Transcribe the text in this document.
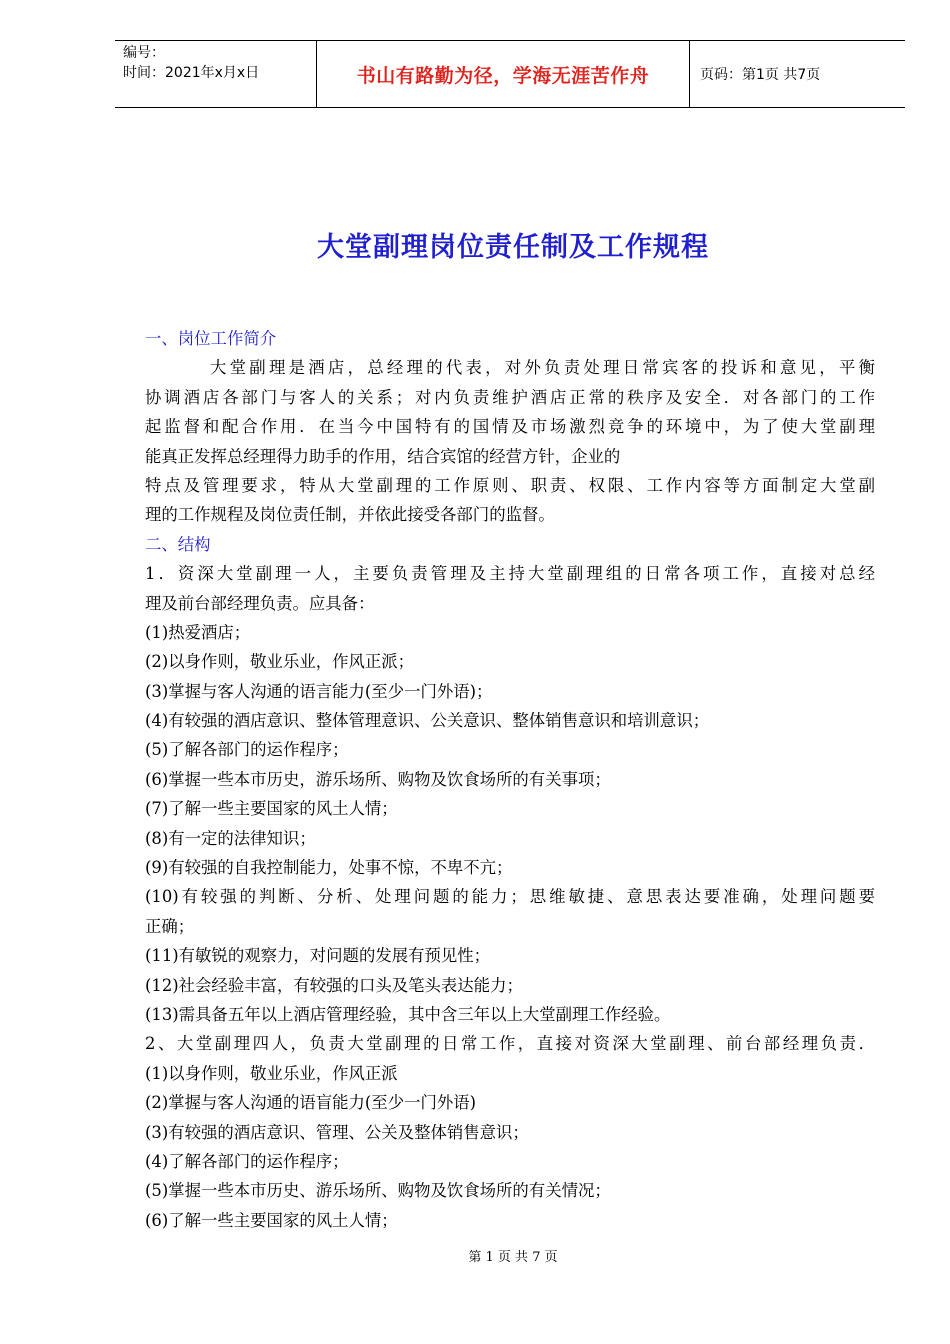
编号：
时间：2021年x月x日	书山有路勤为径，学海无涯苦作舟	页码：第1页 共7页
大堂副理岗位责任制及工作规程
一、岗位工作简介
大堂副理是酒店，总经理的代表，对外负责处理日常宾客的投诉和意见，平衡
协调酒店各部门与客人的关系；对内负责维护酒店正常的秩序及安全．对各部门的工作
起监督和配合作用．在当今中国特有的国情及市场激烈竞争的环境中，为了使大堂副理
能真正发挥总经理得力助手的作用，结合宾馆的经营方针，企业的
特点及管理要求，特从大堂副理的工作原则、职责、权限、工作内容等方面制定大堂副
理的工作规程及岗位责任制，并依此接受各部门的监督。
二、结构
1．资深大堂副理一人，主要负责管理及主持大堂副理组的日常各项工作，直接对总经
理及前台部经理负责。应具备：
(1)热爱酒店；
(2)以身作则，敬业乐业，作风正派；
(3)掌握与客人沟通的语言能力(至少一门外语)；
(4)有较强的酒店意识、整体管理意识、公关意识、整体销售意识和培训意识；
(5)了解各部门的运作程序；
(6)掌握一些本市历史，游乐场所、购物及饮食场所的有关事项；
(7)了解一些主要国家的风土人情；
(8)有一定的法律知识；
(9)有较强的自我控制能力，处事不惊，不卑不亢；
(10)有较强的判断、分析、处理问题的能力；思维敏捷、意思表达要准确，处理问题要
正确；
(11)有敏锐的观察力，对问题的发展有预见性；
(12)社会经验丰富，有较强的口头及笔头表达能力；
(13)需具备五年以上酒店管理经验，其中含三年以上大堂副理工作经验。
2、大堂副理四人，负责大堂副理的日常工作，直接对资深大堂副理、前台部经理负责．
(1)以身作则，敬业乐业，作风正派
(2)掌握与客人沟通的语盲能力(至少一门外语)
(3)有较强的酒店意识、管理、公关及整体销售意识；
(4)了解各部门的运作程序；
(5)掌握一些本市历史、游乐场所、购物及饮食场所的有关情况；
(6)了解一些主要国家的风土人情；
第 1 页 共 7 页
